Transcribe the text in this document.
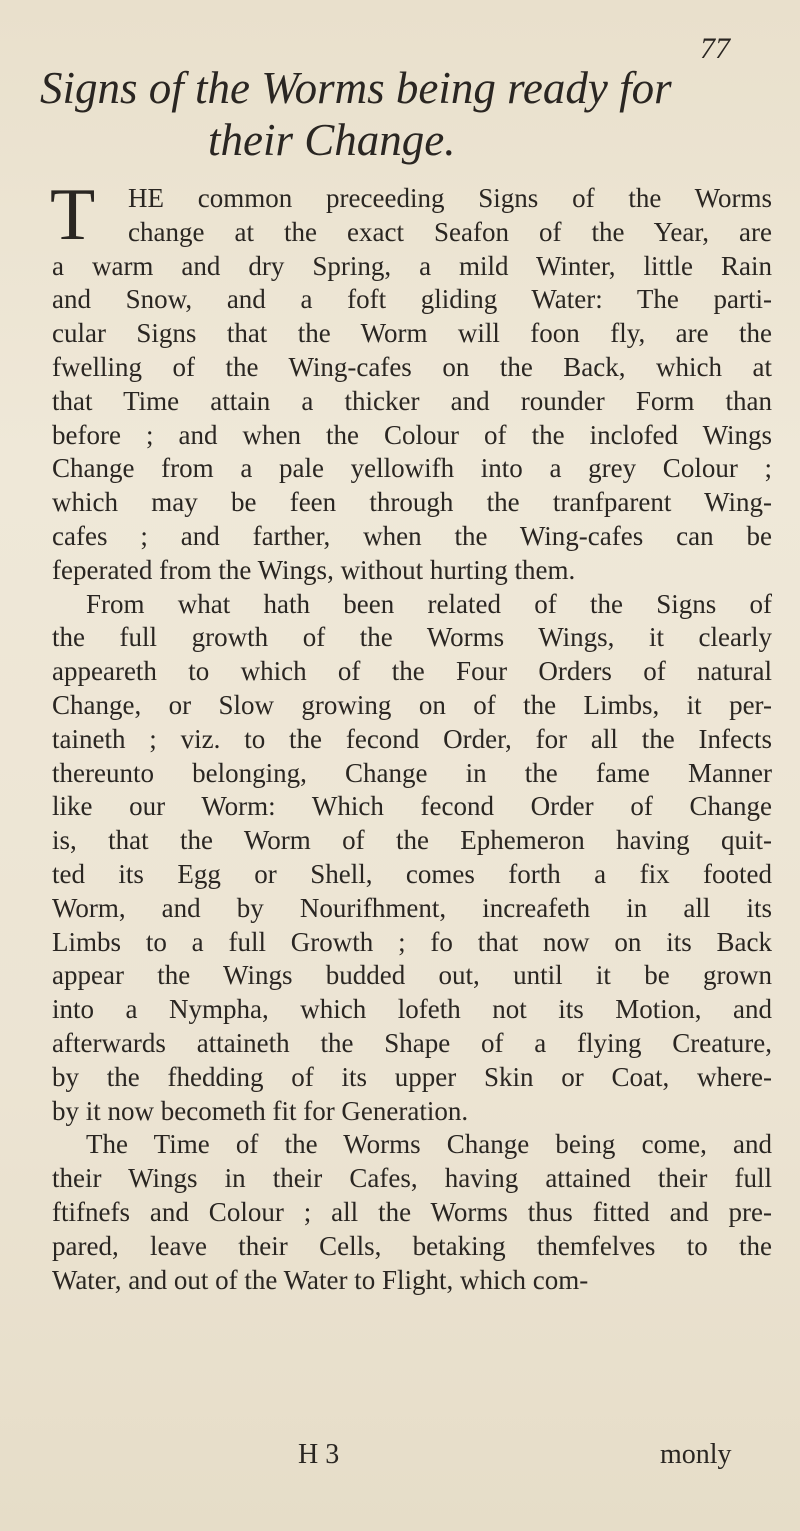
77
Signs of the Worms being ready for
their Change.
T	HE common preceeding Signs of the Worms
change at the exact Seafon of the Year, are
a warm and dry Spring, a mild Winter, little Rain
and Snow, and a foft gliding Water: The parti-
cular Signs that the Worm will foon fly, are the
fwelling of the Wing-cafes on the Back, which at
that Time attain a thicker and rounder Form than
before ; and when the Colour of the inclofed Wings
Change from a pale yellowifh into a grey Colour ;
which may be feen through the tranfparent Wing-
cafes ; and farther, when the Wing-cafes can be
feperated from the Wings, without hurting them.
From what hath been related of the Signs of
the full growth of the Worms Wings, it clearly
appeareth to which of the Four Orders of natural
Change, or Slow growing on of the Limbs, it per-
taineth ; viz. to the fecond Order, for all the Infects
thereunto belonging, Change in the fame Manner
like our Worm: Which fecond Order of Change
is, that the Worm of the Ephemeron having quit-
ted its Egg or Shell, comes forth a fix footed
Worm, and by Nourifhment, increafeth in all its
Limbs to a full Growth ; fo that now on its Back
appear the Wings budded out, until it be grown
into a Nympha, which lofeth not its Motion, and
afterwards attaineth the Shape of a flying Creature,
by the fhedding of its upper Skin or Coat, where-
by it now becometh fit for Generation.
The Time of the Worms Change being come, and
their Wings in their Cafes, having attained their full
ftifnefs and Colour ; all the Worms thus fitted and pre-
pared, leave their Cells, betaking themfelves to the
Water, and out of the Water to Flight, which com-
H 3	monly
